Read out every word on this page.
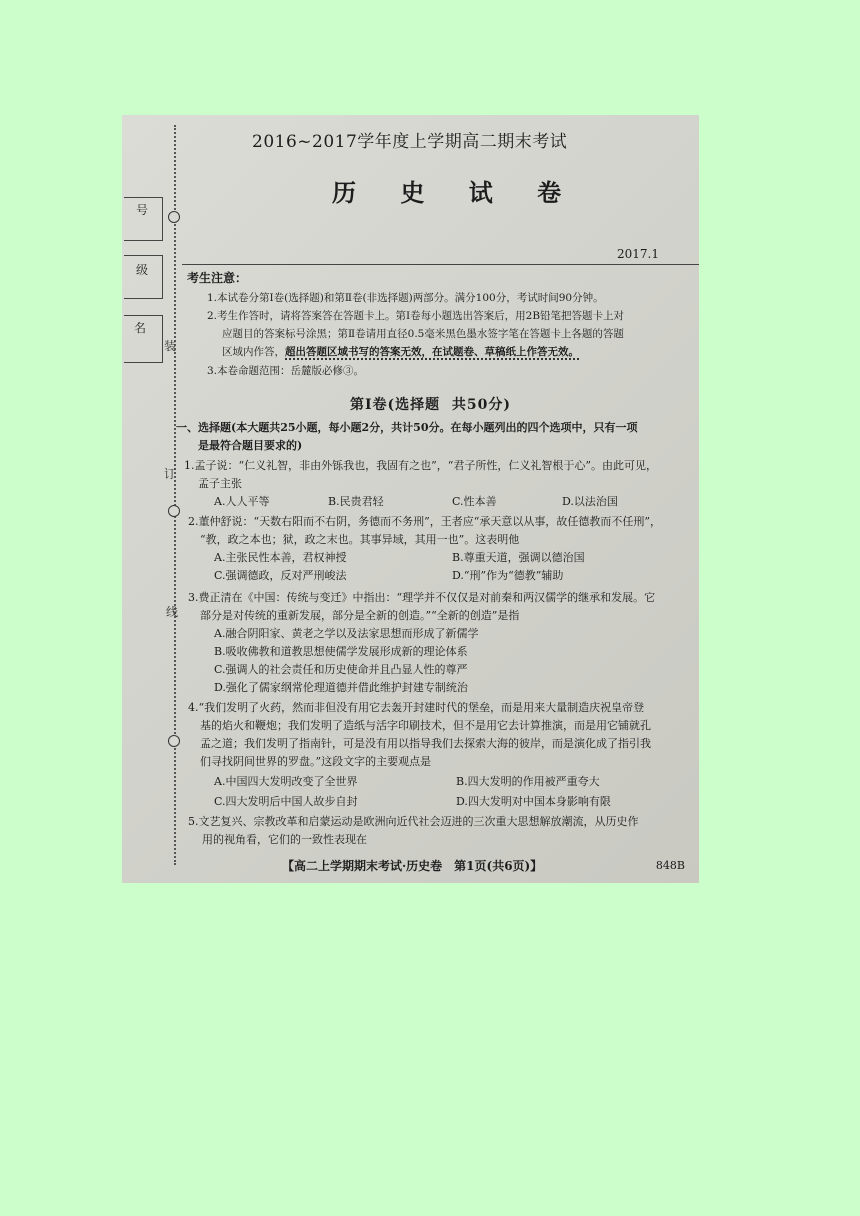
号
级
名
装
订
线
2016~2017学年度上学期高二期末考试
历 史 试 卷
2017.1
考生注意：
1.本试卷分第Ⅰ卷(选择题)和第Ⅱ卷(非选择题)两部分。满分100分，考试时间90分钟。
2.考生作答时，请将答案答在答题卡上。第Ⅰ卷每小题选出答案后，用2B铅笔把答题卡上对
应题目的答案标号涂黑；第Ⅱ卷请用直径0.5毫米黑色墨水签字笔在答题卡上各题的答题
区域内作答，超出答题区域书写的答案无效，在试题卷、草稿纸上作答无效。
3.本卷命题范围：岳麓版必修③。
第Ⅰ卷(选择题 共50分)
一、选择题(本大题共25小题，每小题2分，共计50分。在每小题列出的四个选项中，只有一项
是最符合题目要求的)
1.孟子说：“仁义礼智，非由外铄我也，我固有之也”，“君子所性，仁义礼智根于心”。由此可见，
孟子主张
A.人人平等	B.民贵君轻	C.性本善	D.以法治国
2.董仲舒说：“天数右阳而不右阴，务德而不务刑”，王者应“承天意以从事，故任德教而不任刑”，
“教，政之本也；狱，政之末也。其事异域，其用一也”。这表明他
A.主张民性本善，君权神授	B.尊重天道，强调以德治国
C.强调德政，反对严刑峻法	D.“刑”作为“德教”辅助
3.费正清在《中国：传统与变迁》中指出：“理学并不仅仅是对前秦和两汉儒学的继承和发展。它
部分是对传统的重新发展，部分是全新的创造。”“全新的创造”是指
A.融合阴阳家、黄老之学以及法家思想而形成了新儒学
B.吸收佛教和道教思想使儒学发展形成新的理论体系
C.强调人的社会责任和历史使命并且凸显人性的尊严
D.强化了儒家纲常伦理道德并借此维护封建专制统治
4.“我们发明了火药，然而非但没有用它去轰开封建时代的堡垒，而是用来大量制造庆祝皇帝登
基的焰火和鞭炮；我们发明了造纸与活字印刷技术，但不是用它去计算推演，而是用它铺就孔
孟之道；我们发明了指南针，可是没有用以指导我们去探索大海的彼岸，而是演化成了指引我
们寻找阴间世界的罗盘。”这段文字的主要观点是
A.中国四大发明改变了全世界	B.四大发明的作用被严重夸大
C.四大发明后中国人故步自封	D.四大发明对中国本身影响有限
5.文艺复兴、宗教改革和启蒙运动是欧洲向近代社会迈进的三次重大思想解放潮流，从历史作
用的视角看，它们的一致性表现在
【高二上学期期末考试·历史卷　第1页(共6页)】	848B
